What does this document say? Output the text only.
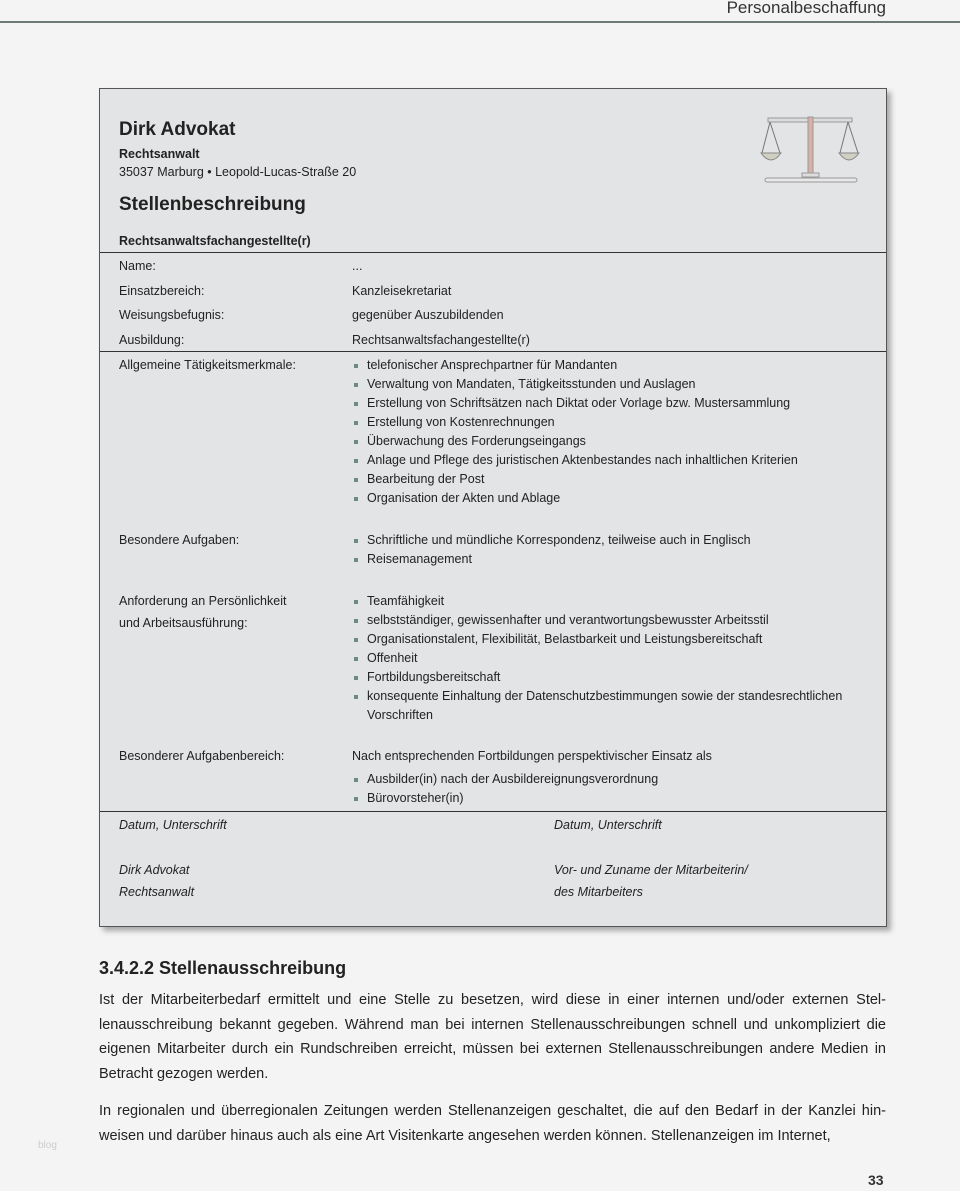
Personalbeschaffung
Dirk Advokat
Rechtsanwalt
35037 Marburg • Leopold-Lucas-Straße 20
Stellenbeschreibung
Rechtsanwaltsfachangestellte(r)
Name:	...
Einsatzbereich:	Kanzleisekretariat
Weisungsbefugnis:	gegenüber Auszubildenden
Ausbildung:	Rechtsanwaltsfachangestellte(r)
Allgemeine Tätigkeitsmerkmale:	telefonischer Ansprechpartner für Mandanten
Verwaltung von Mandaten, Tätigkeitsstunden und Auslagen
Erstellung von Schriftsätzen nach Diktat oder Vorlage bzw. Mustersammlung
Erstellung von Kostenrechnungen
Überwachung des Forderungseingangs
Anlage und Pflege des juristischen Aktenbestandes nach inhaltlichen Kriterien
Bearbeitung der Post
Organisation der Akten und Ablage
Besondere Aufgaben:	Schriftliche und mündliche Korrespondenz, teilweise auch in Englisch
Reisemanagement
Anforderung an Persönlichkeit
und Arbeitsausführung:
Teamfähigkeit
selbstständiger, gewissenhafter und verantwortungsbewusster Arbeitsstil
Organisationstalent, Flexibilität, Belastbarkeit und Leistungsbereitschaft
Offenheit
Fortbildungsbereitschaft
konsequente Einhaltung der Datenschutzbestimmungen sowie der standesrechtlichen Vorschriften
Besonderer Aufgabenbereich:	Nach entsprechenden Fortbildungen perspektivischer Einsatz als
Ausbilder(in) nach der Ausbildereignungsverordnung
Bürovorsteher(in)
Datum, Unterschrift
Dirk Advokat
Rechtsanwalt
Datum, Unterschrift
Vor- und Zuname der Mitarbeiterin/
des Mitarbeiters
3.4.2.2 Stellenausschreibung

Ist der Mitarbeiterbedarf ermittelt und eine Stelle zu besetzen, wird diese in einer internen und/oder externen Stellenausschreibung bekannt gegeben. Während man bei internen Stellenausschreibungen schnell und unkompliziert die eigenen Mitarbeiter durch ein Rundschreiben erreicht, müssen bei externen Stellenausschreibungen andere Medien in Betracht gezogen werden.

In regionalen und überregionalen Zeitungen werden Stellenanzeigen geschaltet, die auf den Bedarf in der Kanzlei hinweisen und darüber hinaus auch als eine Art Visitenkarte angesehen werden können. Stellenanzeigen im Internet,

blog
33
